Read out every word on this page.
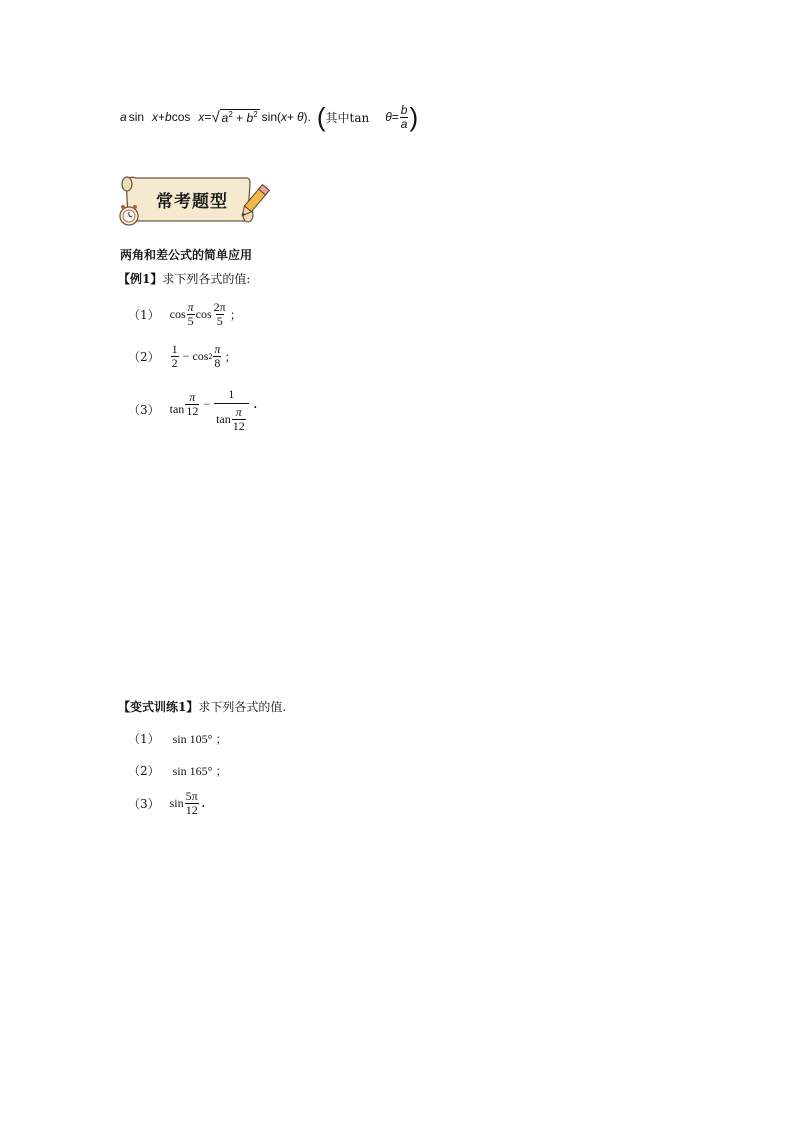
a sin x + b cos x = √ $a^2 + b^2$ sin ( x + θ ) . ( 其中$\tan \theta = \frac{b}{a}$ )
常考题型
两角和差公式的简单应用
【例1】求下列各式的值:
（1） $\cos \frac{\pi}{5}$ $\cos \frac{2\pi}{5}$ ；
$(2) \frac{1}{2} - \cos 2 \frac{\pi}{8}$ ；
（3） $\tan \frac{\pi}{12} - \frac{1}{\tan \frac{\pi}{12}}$ .
【变式训练1】求下列各式的值.
（1） sin 105° ；
（2） sin 165° ；
（3） $\sin \frac{5\pi}{12}$ .
